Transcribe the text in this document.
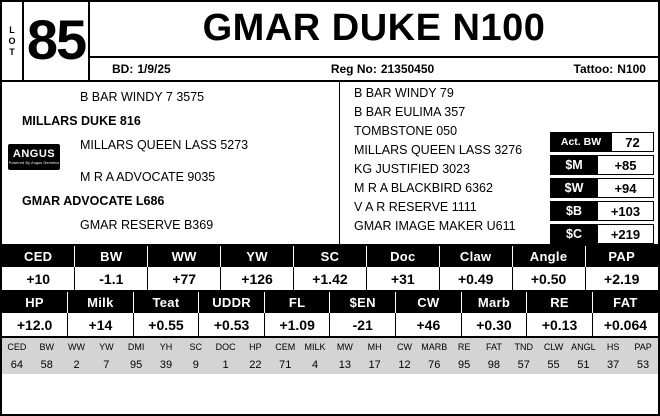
L
O
T 85	GMAR DUKE N100
BD: 1/9/25	Reg No: 21350450	Tattoo: N100
B BAR WINDY 7 3575
MILLARS DUKE 816
MILLARS QUEEN LASS 5273
M R A ADVOCATE 9035
GMAR ADVOCATE L686
GMAR RESERVE B369
ANGUS
Powered By Angus Genetics
B BAR WINDY 79
B BAR EULIMA 357
TOMBSTONE 050
MILLARS QUEEN LASS 3276
KG JUSTIFIED 3023
M R A BLACKBIRD 6362
V A R RESERVE 1111
GMAR IMAGE MAKER U611
Act. BW	72
$M	+85
$W	+94
$B	+103
$C	+219
CED	BW	WW	YW	SC	Doc	Claw	Angle	PAP
+10	-1.1	+77	+126	+1.42	+31	+0.49	+0.50	+2.19
HP	Milk	Teat	UDDR	FL	$EN	CW	Marb	RE	FAT
+12.0	+14	+0.55	+0.53	+1.09	-21	+46	+0.30	+0.13	+0.064
CED	BW	WW	YW	DMI	YH	SC	DOC	HP	CEM	MILK	MW	MH	CW	MARB	RE	FAT	TND	CLW	ANGL	HS	PAP
64	58	2	7	95	39	9	1	22	71	4	13	17	12	76	95	98	57	55	51	37	53
